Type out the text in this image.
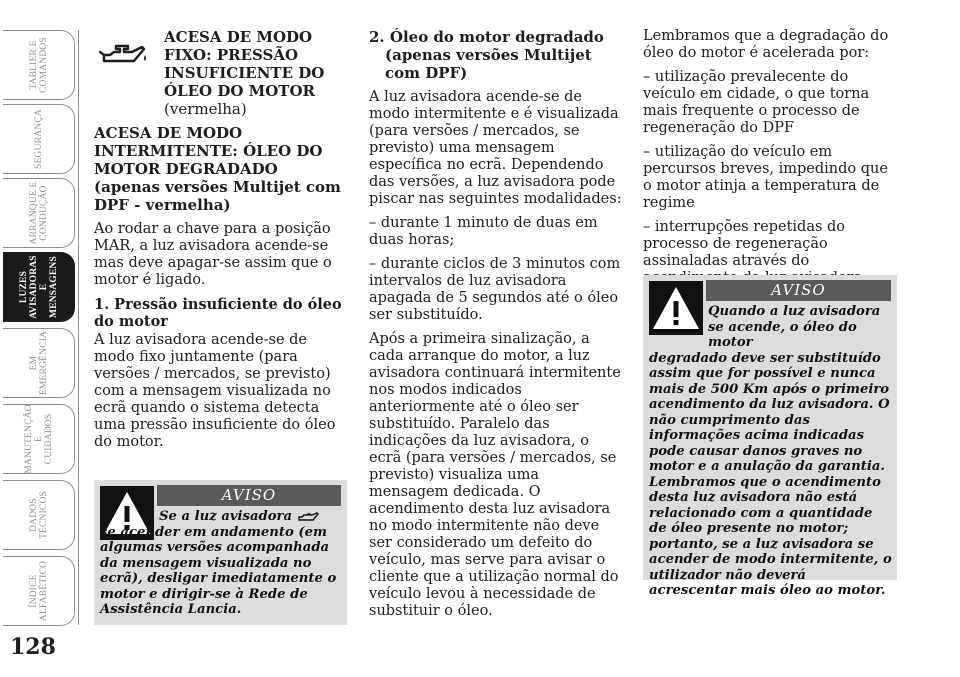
TABLIER E
COMANDOS
SEGURANÇA
ARRANQUE E
CONDUÇÃO
LUZES
AVISADORAS E
MENSAGENS
EM
EMERGÊNCIA
MANUTENÇÃO E
CUIDADOS
DADOS
TÉCNICOS
ÍNDICE
ALFABÉTICO
128
ACESA DE MODO FIXO: PRESSÃO INSUFICIENTE DO ÓLEO DO MOTOR
(vermelha)

ACESA DE MODO INTERMITENTE: ÓLEO DO MOTOR DEGRADADO
(apenas versões Multijet com DPF - vermelha)

Ao rodar a chave para a posição MAR, a luz avisadora acende-se mas deve apagar-se assim que o motor é ligado.

1. Pressão insuficiente do óleo do motor

A luz avisadora acende-se de modo fixo juntamente (para versões / mercados, se previsto) com a mensagem visualizada no ecrã quando o sistema detecta uma pressão insuficiente do óleo do motor.

AVISO
Se a luz avisadora
se acender em andamento (em algumas versões acompanhada da mensagem visualizada no ecrã), desligar imediatamente o motor e dirigir-se à Rede de Assistência Lancia.

2. Óleo do motor degradado
(apenas versões Multijet com DPF)

A luz avisadora acende-se de modo intermitente e é visualizada (para versões / mercados, se previsto) uma mensagem específica no ecrã. Dependendo das versões, a luz avisadora pode piscar nas seguintes modalidades:

– durante 1 minuto de duas em duas horas;

– durante ciclos de 3 minutos com intervalos de luz avisadora apagada de 5 segundos até o óleo ser substituído.

Após a primeira sinalização, a cada arranque do motor, a luz avisadora continuará intermitente nos modos indicados anteriormente até o óleo ser substituído. Paralelo das indicações da luz avisadora, o ecrã (para versões / mercados, se previsto) visualiza uma mensagem dedicada. O acendimento desta luz avisadora no modo intermitente não deve ser considerado um defeito do veículo, mas serve para avisar o cliente que a utilização normal do veículo levou à necessidade de substituir o óleo.

Lembramos que a degradação do óleo do motor é acelerada por:

– utilização prevalecente do veículo em cidade, o que torna mais frequente o processo de regeneração do DPF

– utilização do veículo em percursos breves, impedindo que o motor atinja a temperatura de regime

– interrupções repetidas do processo de regeneração assinaladas através do

AVISO
Quando a luz avisadora se acende, o óleo do motor
degradado deve ser substituído assim que for possível e nunca mais de 500 Km após o primeiro acendimento da luz avisadora. O não cumprimento das informações acima indicadas pode causar danos graves no motor e a anulação da garantia. Lembramos que o acendimento desta luz avisadora não está relacionado com a quantidade de óleo presente no motor; portanto, se a luz avisadora se acender de modo intermitente, o utilizador não deverá acrescentar mais óleo ao motor.
